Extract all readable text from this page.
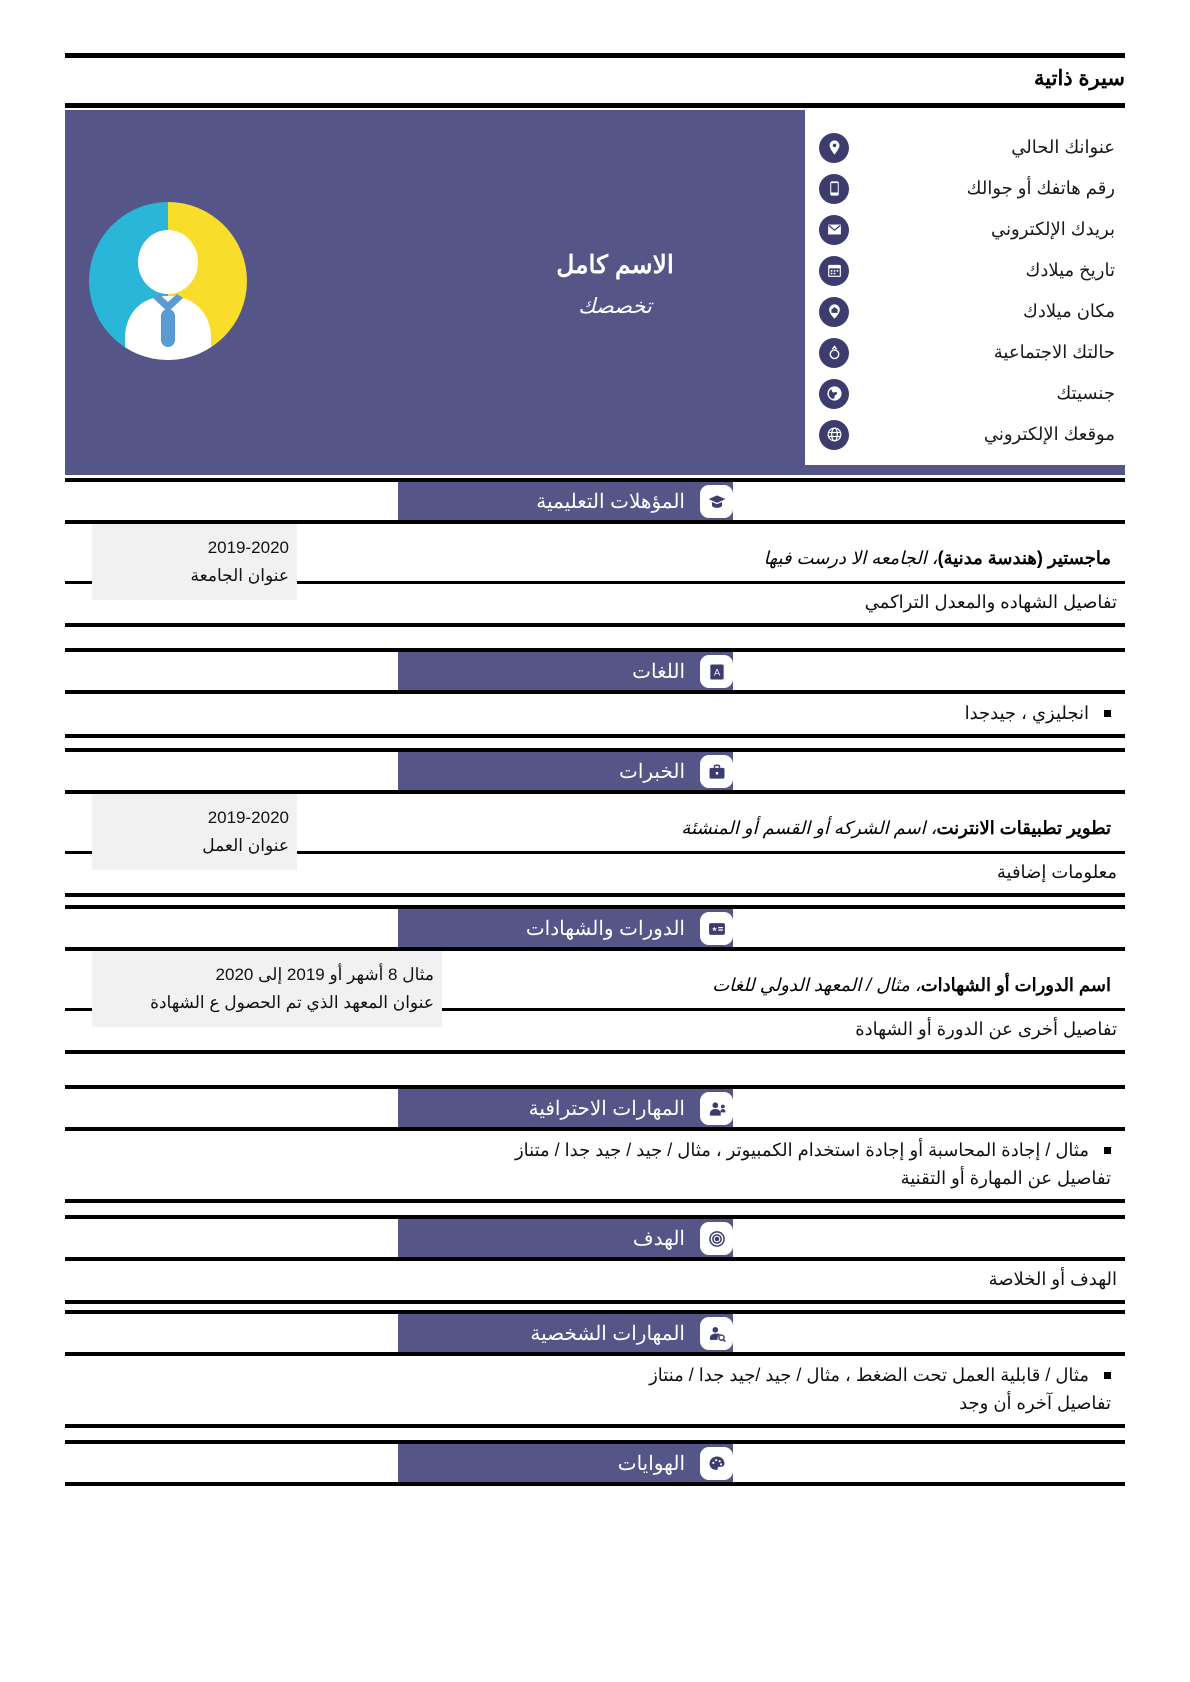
سيرة ذاتية
الاسم كامل
تخصصك
عنوانك الحالي
رقم هاتفك أو جوالك
بريدك الإلكتروني
تاريخ ميلادك
مكان ميلادك
حالتك الاجتماعية
جنسيتك
موقعك الإلكتروني
المؤهلات التعليمية
2019-2020
عنوان الجامعة
ماجستير (هندسة مدنية)، الجامعه الا درست فيها
تفاصيل الشهاده والمعدل التراكمي
اللغات	A
انجليزي ، جيدجدا
الخبرات
2019-2020
عنوان العمل
تطوير تطبيقات الانترنت، اسم الشركه أو القسم أو المنشئة
معلومات إضافية
الدورات والشهادات
مثال 8 أشهر أو 2019 إلى 2020
عنوان المعهد الذي تم الحصول ع الشهادة
اسم الدورات أو الشهادات، مثال / المعهد الدولي للغات
تفاصيل أخرى عن الدورة أو الشهادة
المهارات الاحترافية
مثال / إجادة المحاسبة أو إجادة استخدام الكمبيوتر ، مثال / جيد / جيد جدا / متناز
تفاصيل عن المهارة أو التقنية
الهدف
الهدف أو الخلاصة
المهارات الشخصية
مثال / قابلية العمل تحت الضغط ، مثال / جيد /جيد جدا / منتاز
تفاصيل آخره أن وجد
الهوايات
